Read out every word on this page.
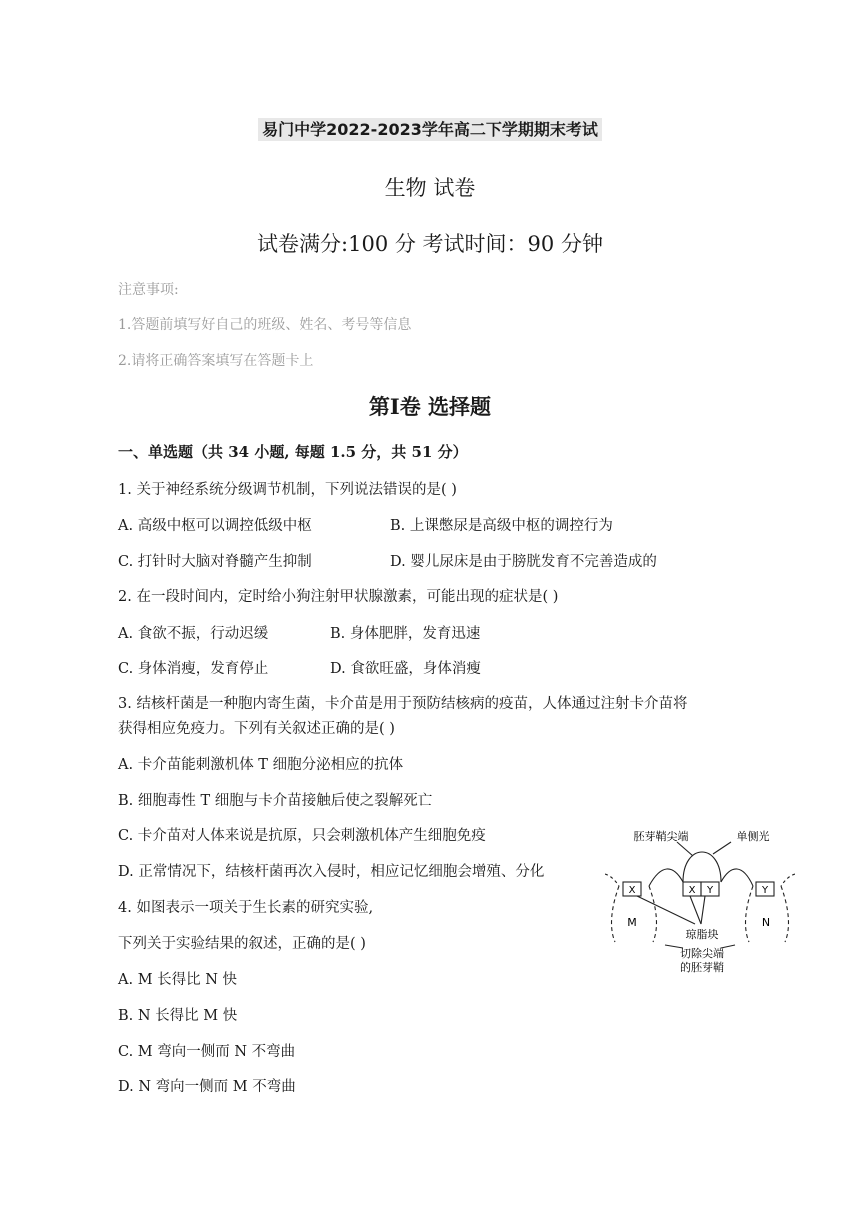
易门中学2022-2023学年高二下学期期末考试
生物 试卷
试卷满分:100 分 考试时间：90 分钟
注意事项:
1.答题前填写好自己的班级、姓名、考号等信息
2.请将正确答案填写在答题卡上
第Ⅰ卷 选择题
一、单选题（共 34 小题, 每题 1.5 分，共 51 分）
1. 关于神经系统分级调节机制，下列说法错误的是( )
A. 高级中枢可以调控低级中枢	B. 上课憋尿是高级中枢的调控行为
C. 打针时大脑对脊髓产生抑制	D. 婴儿尿床是由于膀胱发育不完善造成的
2. 在一段时间内，定时给小狗注射甲状腺激素，可能出现的症状是( )
A. 食欲不振，行动迟缓	B. 身体肥胖，发育迅速
C. 身体消瘦，发育停止	D. 食欲旺盛，身体消瘦
3. 结核杆菌是一种胞内寄生菌，卡介苗是用于预防结核病的疫苗，人体通过注射卡介苗将
获得相应免疫力。下列有关叙述正确的是( )
A. 卡介苗能刺激机体 T 细胞分泌相应的抗体
B. 细胞毒性 T 细胞与卡介苗接触后使之裂解死亡
C. 卡介苗对人体来说是抗原，只会刺激机体产生细胞免疫
D. 正常情况下，结核杆菌再次入侵时，相应记忆细胞会增殖、分化
4. 如图表示一项关于生长素的研究实验,
下列关于实验结果的叙述，正确的是( )
A. M 长得比 N 快
B. N 长得比 M 快
C. M 弯向一侧而 N 不弯曲
D. N 弯向一侧而 M 不弯曲
胚芽鞘尖端	单侧光
X	X Y	Y
M	N
琼脂块
切除尖端
的胚芽鞘
